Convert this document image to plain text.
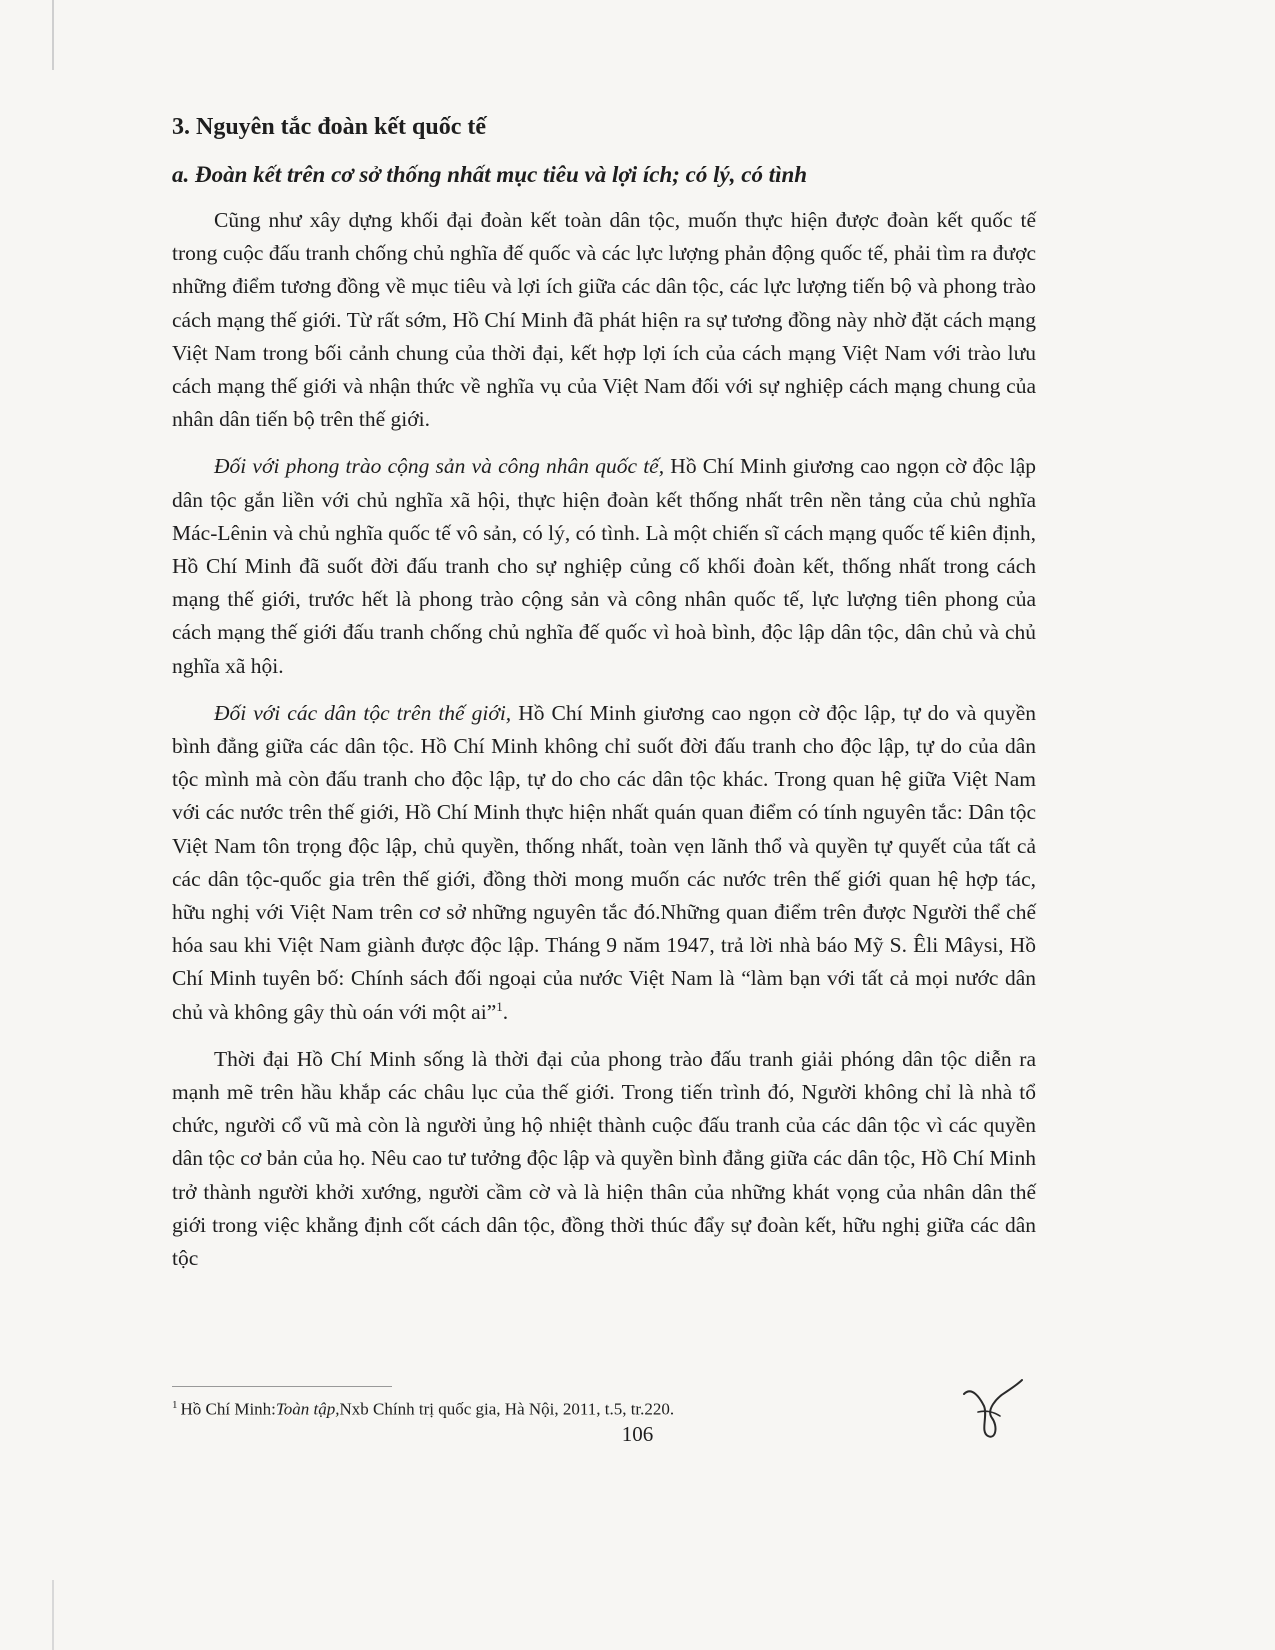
3. Nguyên tắc đoàn kết quốc tế
a. Đoàn kết trên cơ sở thống nhất mục tiêu và lợi ích; có lý, có tình

Cũng như xây dựng khối đại đoàn kết toàn dân tộc, muốn thực hiện được đoàn kết quốc tế trong cuộc đấu tranh chống chủ nghĩa đế quốc và các lực lượng phản động quốc tế, phải tìm ra được những điểm tương đồng về mục tiêu và lợi ích giữa các dân tộc, các lực lượng tiến bộ và phong trào cách mạng thế giới. Từ rất sớm, Hồ Chí Minh đã phát hiện ra sự tương đồng này nhờ đặt cách mạng Việt Nam trong bối cảnh chung của thời đại, kết hợp lợi ích của cách mạng Việt Nam với trào lưu cách mạng thế giới và nhận thức về nghĩa vụ của Việt Nam đối với sự nghiệp cách mạng chung của nhân dân tiến bộ trên thế giới.

Đối với phong trào cộng sản và công nhân quốc tế, Hồ Chí Minh giương cao ngọn cờ độc lập dân tộc gắn liền với chủ nghĩa xã hội, thực hiện đoàn kết thống nhất trên nền tảng của chủ nghĩa Mác-Lênin và chủ nghĩa quốc tế vô sản, có lý, có tình. Là một chiến sĩ cách mạng quốc tế kiên định, Hồ Chí Minh đã suốt đời đấu tranh cho sự nghiệp củng cố khối đoàn kết, thống nhất trong cách mạng thế giới, trước hết là phong trào cộng sản và công nhân quốc tế, lực lượng tiên phong của cách mạng thế giới đấu tranh chống chủ nghĩa đế quốc vì hoà bình, độc lập dân tộc, dân chủ và chủ nghĩa xã hội.

Đối với các dân tộc trên thế giới, Hồ Chí Minh giương cao ngọn cờ độc lập, tự do và quyền bình đẳng giữa các dân tộc. Hồ Chí Minh không chỉ suốt đời đấu tranh cho độc lập, tự do của dân tộc mình mà còn đấu tranh cho độc lập, tự do cho các dân tộc khác. Trong quan hệ giữa Việt Nam với các nước trên thế giới, Hồ Chí Minh thực hiện nhất quán quan điểm có tính nguyên tắc: Dân tộc Việt Nam tôn trọng độc lập, chủ quyền, thống nhất, toàn vẹn lãnh thổ và quyền tự quyết của tất cả các dân tộc-quốc gia trên thế giới, đồng thời mong muốn các nước trên thế giới quan hệ hợp tác, hữu nghị với Việt Nam trên cơ sở những nguyên tắc đó.Những quan điểm trên được Người thể chế hóa sau khi Việt Nam giành được độc lập. Tháng 9 năm 1947, trả lời nhà báo Mỹ S. Êli Mâysi, Hồ Chí Minh tuyên bố: Chính sách đối ngoại của nước Việt Nam là “làm bạn với tất cả mọi nước dân chủ và không gây thù oán với một ai”$^1$.

Thời đại Hồ Chí Minh sống là thời đại của phong trào đấu tranh giải phóng dân tộc diễn ra mạnh mẽ trên hầu khắp các châu lục của thế giới. Trong tiến trình đó, Người không chỉ là nhà tổ chức, người cổ vũ mà còn là người ủng hộ nhiệt thành cuộc đấu tranh của các dân tộc vì các quyền dân tộc cơ bản của họ. Nêu cao tư tưởng độc lập và quyền bình đẳng giữa các dân tộc, Hồ Chí Minh trở thành người khởi xướng, người cầm cờ và là hiện thân của những khát vọng của nhân dân thế giới trong việc khẳng định cốt cách dân tộc, đồng thời thúc đẩy sự đoàn kết, hữu nghị giữa các dân tộc

$^1$ Hồ Chí Minh:Toàn tập,Nxb Chính trị quốc gia, Hà Nội, 2011, t.5, tr.220.
106
